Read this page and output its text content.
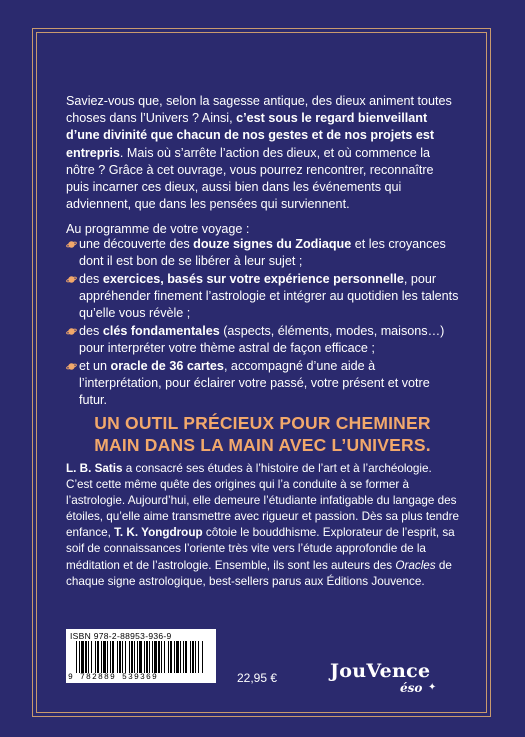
Saviez-vous que, selon la sagesse antique, des dieux animent toutes choses dans l’Univers ? Ainsi, c’est sous le regard bienveillant d’une divinité que chacun de nos gestes et de nos projets est entrepris. Mais où s’arrête l’action des dieux, et où commence la nôtre ? Grâce à cet ouvrage, vous pourrez rencontrer, reconnaître puis incarner ces dieux, aussi bien dans les événements qui adviennent, que dans les pensées qui surviennent.

Au programme de votre voyage :

une découverte des douze signes du Zodiaque et les croyances dont il est bon de se libérer à leur sujet ;
des exercices, basés sur votre expérience personnelle, pour appréhender finement l’astrologie et intégrer au quotidien les talents qu’elle vous révèle ;
des clés fondamentales (aspects, éléments, modes, maisons…) pour interpréter votre thème astral de façon efficace ;
et un oracle de 36 cartes, accompagné d’une aide à l’interprétation, pour éclairer votre passé, votre présent et votre futur.
UN OUTIL PRÉCIEUX POUR CHEMINER
MAIN DANS LA MAIN AVEC L’UNIVERS.

L. B. Satis a consacré ses études à l’histoire de l’art et à l’archéologie. C’est cette même quête des origines qui l’a conduite à se former à l’astrologie. Aujourd’hui, elle demeure l’étudiante infatigable du langage des étoiles, qu’elle aime transmettre avec rigueur et passion. Dès sa plus tendre enfance, T. K. Yongdroup côtoie le bouddhisme. Explorateur de l’esprit, sa soif de connaissances l’oriente très vite vers l’étude approfondie de la méditation et de l’astrologie. Ensemble, ils sont les auteurs des Oracles de chaque signe astrologique, best-sellers parus aux Éditions Jouvence.

ISBN 978-2-88953-936-9
9 782889 539369	22,95 €	JouVence
éso ✦
